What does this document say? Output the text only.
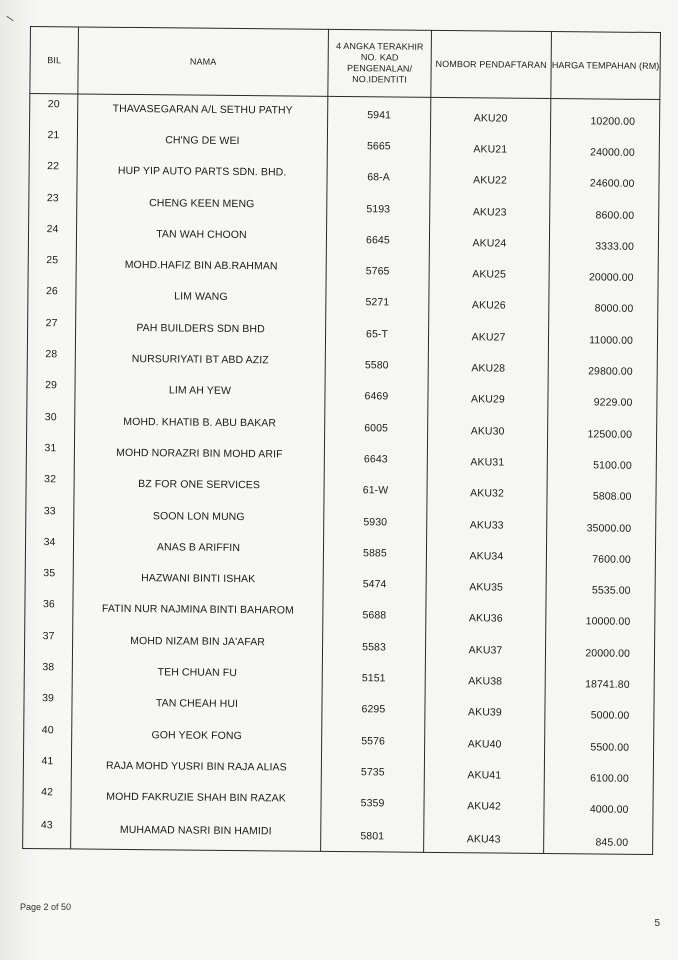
BIL	NAMA	4 ANGKA TERAKHIR NO. KAD PENGENALAN/ NO.IDENTITI	NOMBOR PENDAFTARAN	HARGA TEMPAHAN (RM)
20	THAVASEGARAN A/L SETHU PATHY	5941	AKU20	10200.00
21	CH'NG DE WEI	5665	AKU21	24000.00
22	HUP YIP AUTO PARTS SDN. BHD.	68-A	AKU22	24600.00
23	CHENG KEEN MENG	5193	AKU23	8600.00
24	TAN WAH CHOON	6645	AKU24	3333.00
25	MOHD.HAFIZ BIN AB.RAHMAN	5765	AKU25	20000.00
26	LIM WANG	5271	AKU26	8000.00
27	PAH BUILDERS SDN BHD	65-T	AKU27	11000.00
28	NURSURIYATI BT ABD AZIZ	5580	AKU28	29800.00
29	LIM AH YEW	6469	AKU29	9229.00
30	MOHD. KHATIB B. ABU BAKAR	6005	AKU30	12500.00
31	MOHD NORAZRI BIN MOHD ARIF	6643	AKU31	5100.00
32	BZ FOR ONE SERVICES	61-W	AKU32	5808.00
33	SOON LON MUNG	5930	AKU33	35000.00
34	ANAS B ARIFFIN	5885	AKU34	7600.00
35	HAZWANI BINTI ISHAK	5474	AKU35	5535.00
36	FATIN NUR NAJMINA BINTI BAHAROM	5688	AKU36	10000.00
37	MOHD NIZAM BIN JA'AFAR	5583	AKU37	20000.00
38	TEH CHUAN FU	5151	AKU38	18741.80
39	TAN CHEAH HUI	6295	AKU39	5000.00
40	GOH YEOK FONG	5576	AKU40	5500.00
41	RAJA MOHD YUSRI BIN RAJA ALIAS	5735	AKU41	6100.00
42	MOHD FAKRUZIE SHAH BIN RAZAK	5359	AKU42	4000.00
43	MUHAMAD NASRI BIN HAMIDI	5801	AKU43	845.00
Page 2 of 50
5
